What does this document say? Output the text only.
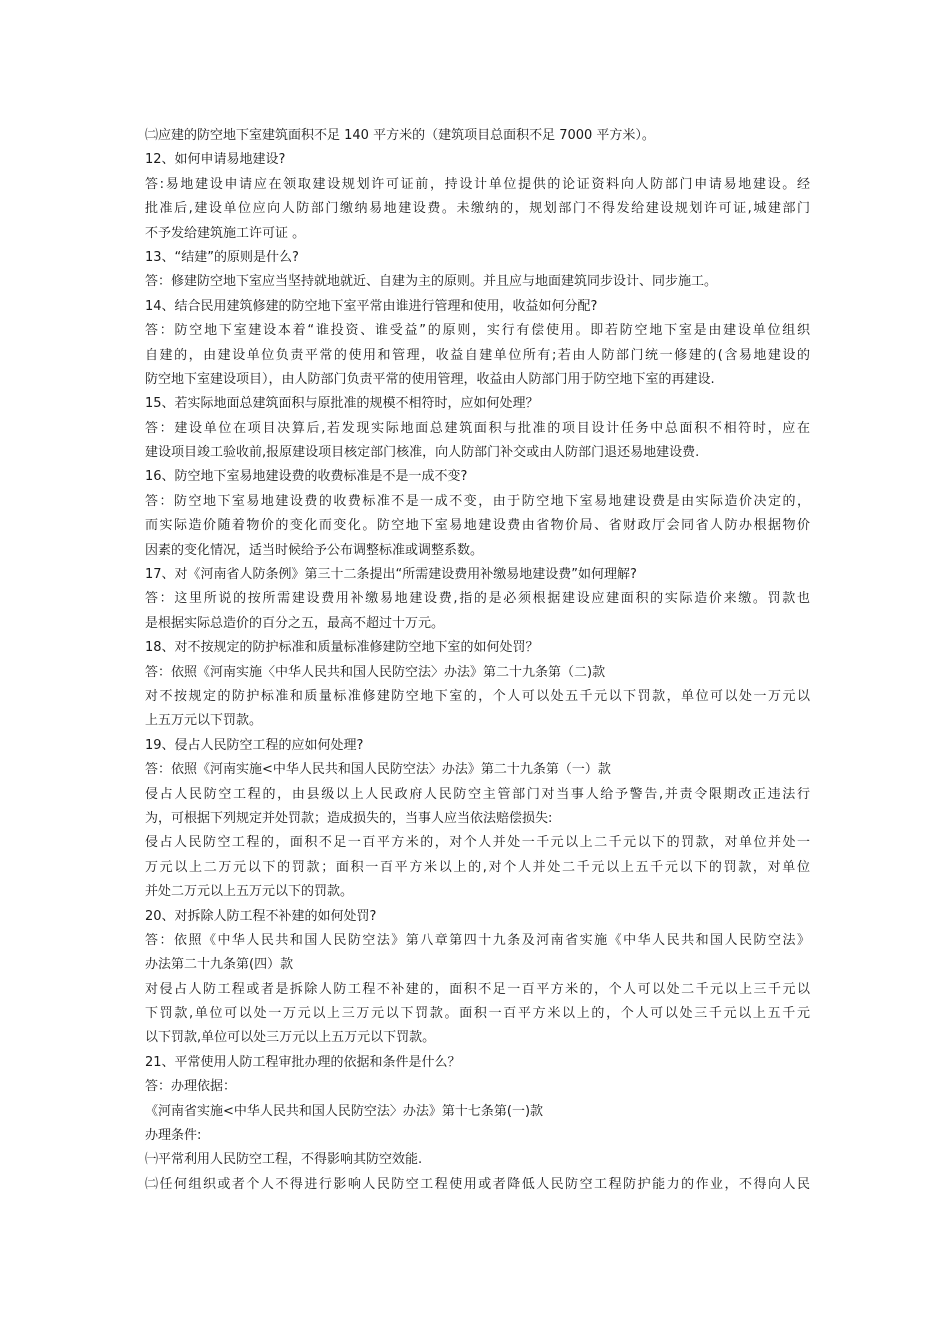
㈡应建的防空地下室建筑面积不足 140 平方米的（建筑项目总面积不足 7000 平方米）。
12、如何申请易地建设?
答:易地建设申请应在领取建设规划许可证前，持设计单位提供的论证资料向人防部门申请易地建设。经
批准后,建设单位应向人防部门缴纳易地建设费。未缴纳的，规划部门不得发给建设规划许可证,城建部门
不予发给建筑施工许可证 。
13、“结建”的原则是什么?
答：修建防空地下室应当坚持就地就近、自建为主的原则。并且应与地面建筑同步设计、同步施工。
14、结合民用建筑修建的防空地下室平常由谁进行管理和使用，收益如何分配?
答：防空地下室建设本着“谁投资、谁受益”的原则，实行有偿使用。即若防空地下室是由建设单位组织
自建的，由建设单位负责平常的使用和管理，收益自建单位所有;若由人防部门统一修建的(含易地建设的
防空地下室建设项目），由人防部门负责平常的使用管理，收益由人防部门用于防空地下室的再建设.
15、若实际地面总建筑面积与原批准的规模不相符时，应如何处理？
答：建设单位在项目决算后,若发现实际地面总建筑面积与批准的项目设计任务中总面积不相符时，应在
建设项目竣工验收前,报原建设项目核定部门核准，向人防部门补交或由人防部门退还易地建设费.
16、防空地下室易地建设费的收费标准是不是一成不变?
答：防空地下室易地建设费的收费标准不是一成不变，由于防空地下室易地建设费是由实际造价决定的，
而实际造价随着物价的变化而变化。防空地下室易地建设费由省物价局、省财政厅会同省人防办根据物价
因素的变化情况，适当时候给予公布调整标准或调整系数。
17、对《河南省人防条例》第三十二条提出“所需建设费用补缴易地建设费”如何理解?
答：这里所说的按所需建设费用补缴易地建设费,指的是必须根据建设应建面积的实际造价来缴。罚款也
是根据实际总造价的百分之五，最高不超过十万元。
18、对不按规定的防护标准和质量标准修建防空地下室的如何处罚？
答：依照《河南实施〈中华人民共和国人民防空法〉办法》第二十九条第（二)款
对不按规定的防护标准和质量标准修建防空地下室的，个人可以处五千元以下罚款，单位可以处一万元以
上五万元以下罚款。
19、侵占人民防空工程的应如何处理?
答：依照《河南实施<中华人民共和国人民防空法〉办法》第二十九条第（一）款
侵占人民防空工程的，由县级以上人民政府人民防空主管部门对当事人给予警告,并责令限期改正违法行
为，可根据下列规定并处罚款；造成损失的，当事人应当依法赔偿损失:
侵占人民防空工程的，面积不足一百平方米的，对个人并处一千元以上二千元以下的罚款，对单位并处一
万元以上二万元以下的罚款；面积一百平方米以上的,对个人并处二千元以上五千元以下的罚款，对单位
并处二万元以上五万元以下的罚款。
20、对拆除人防工程不补建的如何处罚?
答：依照《中华人民共和国人民防空法》第八章第四十九条及河南省实施《中华人民共和国人民防空法》
办法第二十九条第(四）款
对侵占人防工程或者是拆除人防工程不补建的，面积不足一百平方米的，个人可以处二千元以上三千元以
下罚款,单位可以处一万元以上三万元以下罚款。面积一百平方米以上的，个人可以处三千元以上五千元
以下罚款,单位可以处三万元以上五万元以下罚款。
21、平常使用人防工程审批办理的依据和条件是什么？
答：办理依据：
《河南省实施<中华人民共和国人民防空法〉办法》第十七条第(一)款
办理条件:
㈠平常利用人民防空工程，不得影响其防空效能.
㈡任何组织或者个人不得进行影响人民防空工程使用或者降低人民防空工程防护能力的作业，不得向人民
